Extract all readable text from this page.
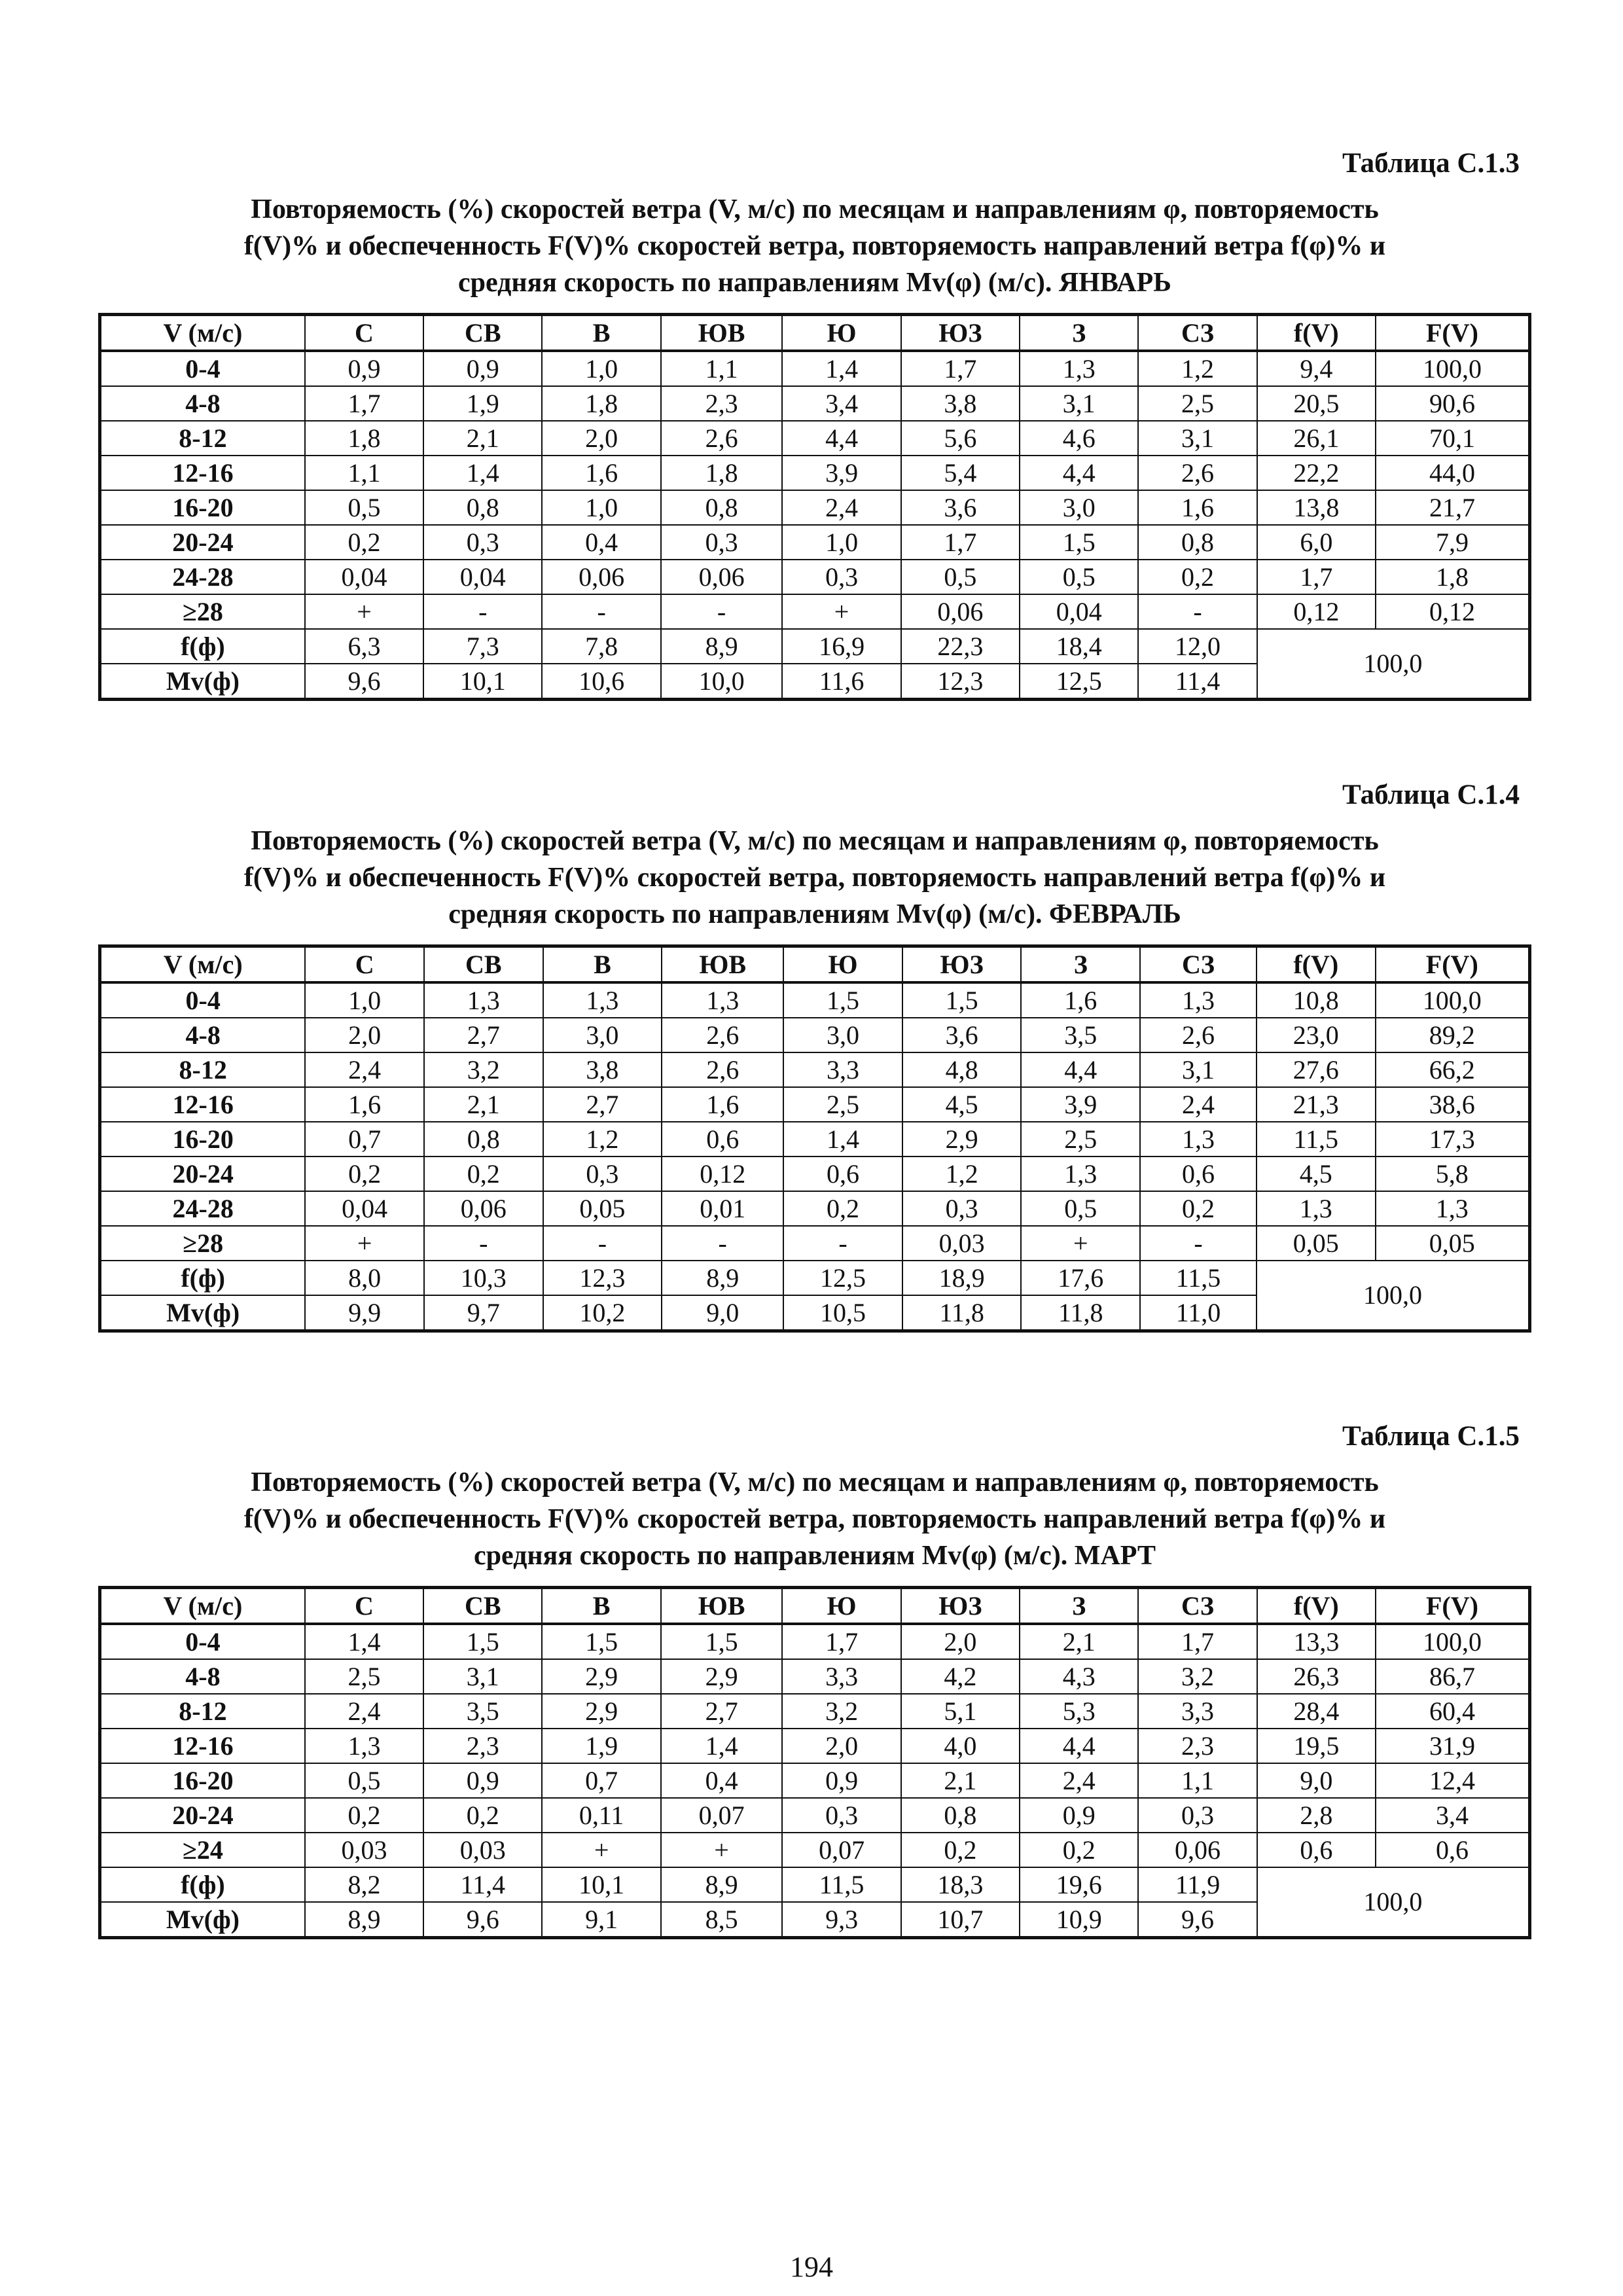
Таблица С.1.3

Повторяемость (%) скоростей ветра (V, м/с) по месяцам и направлениям φ, повторяемость
f(V)% и обеспеченность F(V)% скоростей ветра, повторяемость направлений ветра f(φ)% и
средняя скорость по направлениям Mv(φ) (м/с). ЯНВАРЬ
V (м/с)	С	СВ	В	ЮВ	Ю	ЮЗ	З	СЗ	f(V)	F(V)
0-4	0,9	0,9	1,0	1,1	1,4	1,7	1,3	1,2	9,4	100,0
4-8	1,7	1,9	1,8	2,3	3,4	3,8	3,1	2,5	20,5	90,6
8-12	1,8	2,1	2,0	2,6	4,4	5,6	4,6	3,1	26,1	70,1
12-16	1,1	1,4	1,6	1,8	3,9	5,4	4,4	2,6	22,2	44,0
16-20	0,5	0,8	1,0	0,8	2,4	3,6	3,0	1,6	13,8	21,7
20-24	0,2	0,3	0,4	0,3	1,0	1,7	1,5	0,8	6,0	7,9
24-28	0,04	0,04	0,06	0,06	0,3	0,5	0,5	0,2	1,7	1,8
≥28	+	-	-	-	+	0,06	0,04	-	0,12	0,12
f(ф)	6,3	7,3	7,8	8,9	16,9	22,3	18,4	12,0	100,0	
Mv(ф)	9,6	10,1	10,6	10,0	11,6	12,3	12,5	11,4		

Таблица С.1.4

Повторяемость (%) скоростей ветра (V, м/с) по месяцам и направлениям φ, повторяемость
f(V)% и обеспеченность F(V)% скоростей ветра, повторяемость направлений ветра f(φ)% и
средняя скорость по направлениям Mv(φ) (м/с). ФЕВРАЛЬ
V (м/с)	С	СВ	В	ЮВ	Ю	ЮЗ	З	СЗ	f(V)	F(V)
0-4	1,0	1,3	1,3	1,3	1,5	1,5	1,6	1,3	10,8	100,0
4-8	2,0	2,7	3,0	2,6	3,0	3,6	3,5	2,6	23,0	89,2
8-12	2,4	3,2	3,8	2,6	3,3	4,8	4,4	3,1	27,6	66,2
12-16	1,6	2,1	2,7	1,6	2,5	4,5	3,9	2,4	21,3	38,6
16-20	0,7	0,8	1,2	0,6	1,4	2,9	2,5	1,3	11,5	17,3
20-24	0,2	0,2	0,3	0,12	0,6	1,2	1,3	0,6	4,5	5,8
24-28	0,04	0,06	0,05	0,01	0,2	0,3	0,5	0,2	1,3	1,3
≥28	+	-	-	-	-	0,03	+	-	0,05	0,05
f(ф)	8,0	10,3	12,3	8,9	12,5	18,9	17,6	11,5	100,0	
Mv(ф)	9,9	9,7	10,2	9,0	10,5	11,8	11,8	11,0		

Таблица С.1.5

Повторяемость (%) скоростей ветра (V, м/с) по месяцам и направлениям φ, повторяемость
f(V)% и обеспеченность F(V)% скоростей ветра, повторяемость направлений ветра f(φ)% и
средняя скорость по направлениям Mv(φ) (м/с). МАРТ
V (м/с)	С	СВ	В	ЮВ	Ю	ЮЗ	З	СЗ	f(V)	F(V)
0-4	1,4	1,5	1,5	1,5	1,7	2,0	2,1	1,7	13,3	100,0
4-8	2,5	3,1	2,9	2,9	3,3	4,2	4,3	3,2	26,3	86,7
8-12	2,4	3,5	2,9	2,7	3,2	5,1	5,3	3,3	28,4	60,4
12-16	1,3	2,3	1,9	1,4	2,0	4,0	4,4	2,3	19,5	31,9
16-20	0,5	0,9	0,7	0,4	0,9	2,1	2,4	1,1	9,0	12,4
20-24	0,2	0,2	0,11	0,07	0,3	0,8	0,9	0,3	2,8	3,4
≥24	0,03	0,03	+	+	0,07	0,2	0,2	0,06	0,6	0,6
f(ф)	8,2	11,4	10,1	8,9	11,5	18,3	19,6	11,9	100,0	
Mv(ф)	8,9	9,6	9,1	8,5	9,3	10,7	10,9	9,6		
194
